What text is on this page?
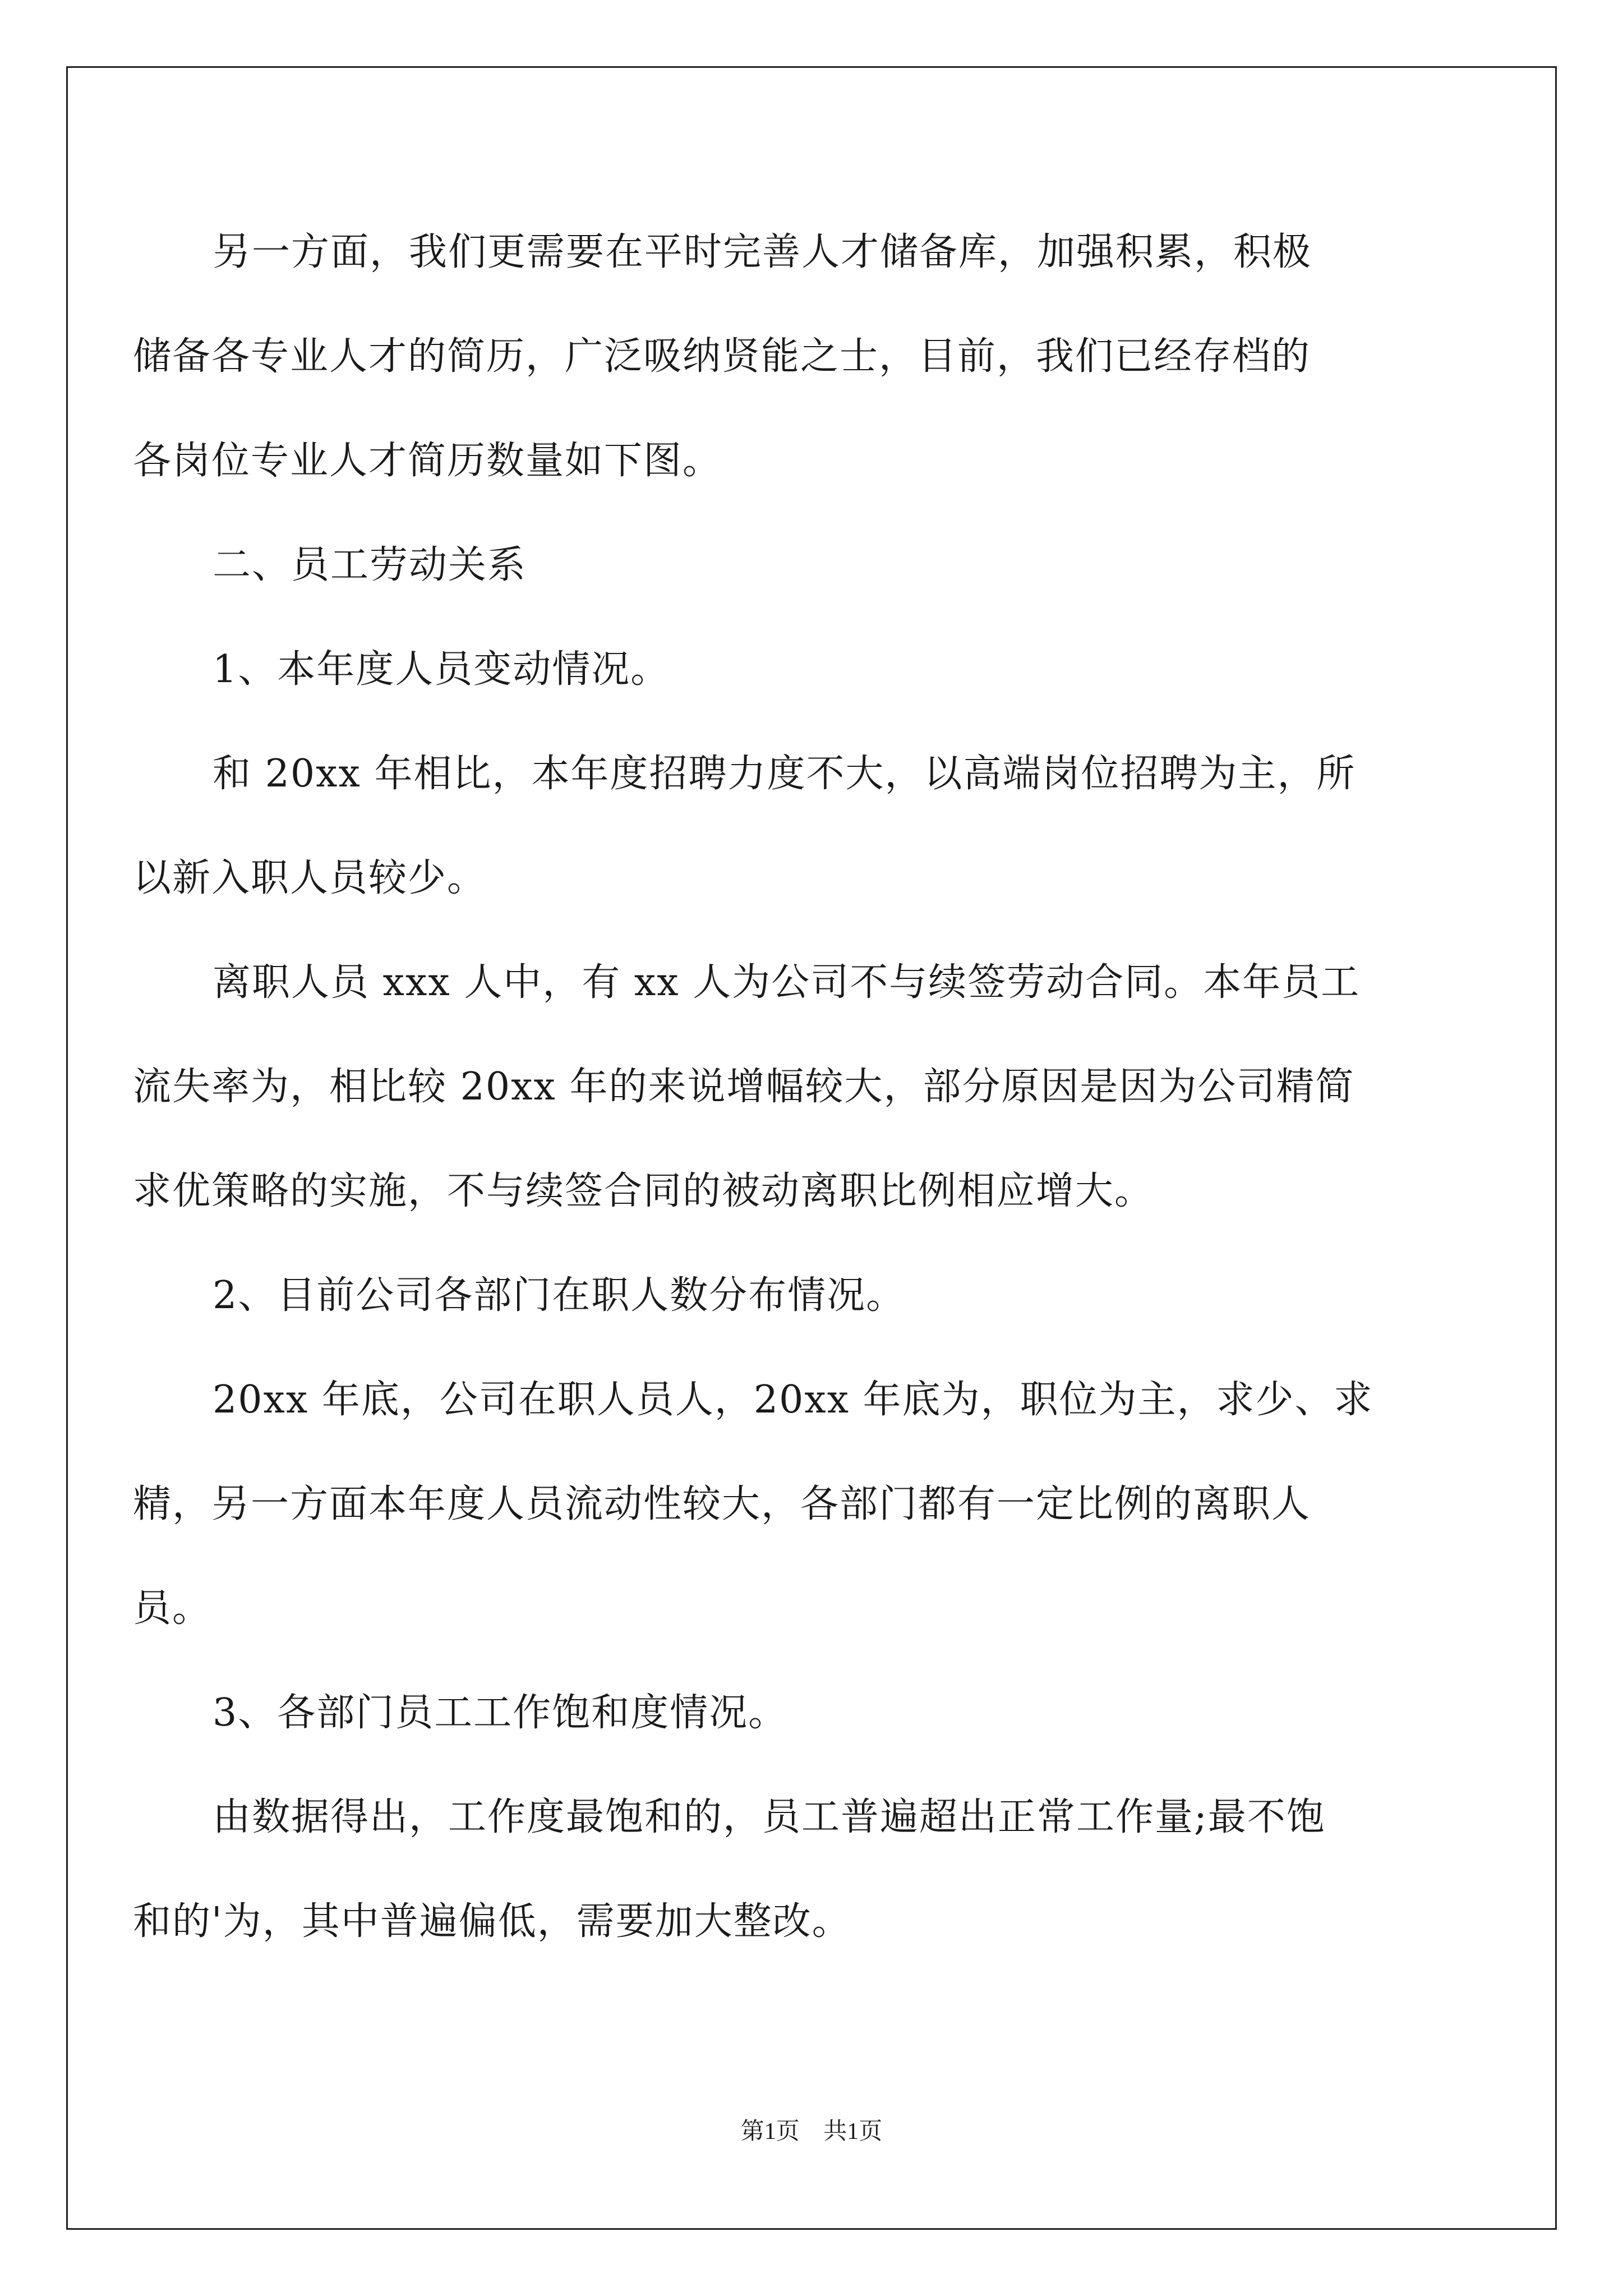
另一方面，我们更需要在平时完善人才储备库，加强积累，积极
储备各专业人才的简历，广泛吸纳贤能之士，目前，我们已经存档的
各岗位专业人才简历数量如下图。
二、员工劳动关系
1、本年度人员变动情况。
和 20xx 年相比，本年度招聘力度不大，以高端岗位招聘为主，所
以新入职人员较少。
离职人员 xxx 人中，有 xx 人为公司不与续签劳动合同。本年员工
流失率为，相比较 20xx 年的来说增幅较大，部分原因是因为公司精简
求优策略的实施，不与续签合同的被动离职比例相应增大。
2、目前公司各部门在职人数分布情况。
20xx 年底，公司在职人员人，20xx 年底为，职位为主，求少、求
精，另一方面本年度人员流动性较大，各部门都有一定比例的离职人
员。
3、各部门员工工作饱和度情况。
由数据得出，工作度最饱和的，员工普遍超出正常工作量;最不饱
和的'为，其中普遍偏低，需要加大整改。
第1页 共1页
